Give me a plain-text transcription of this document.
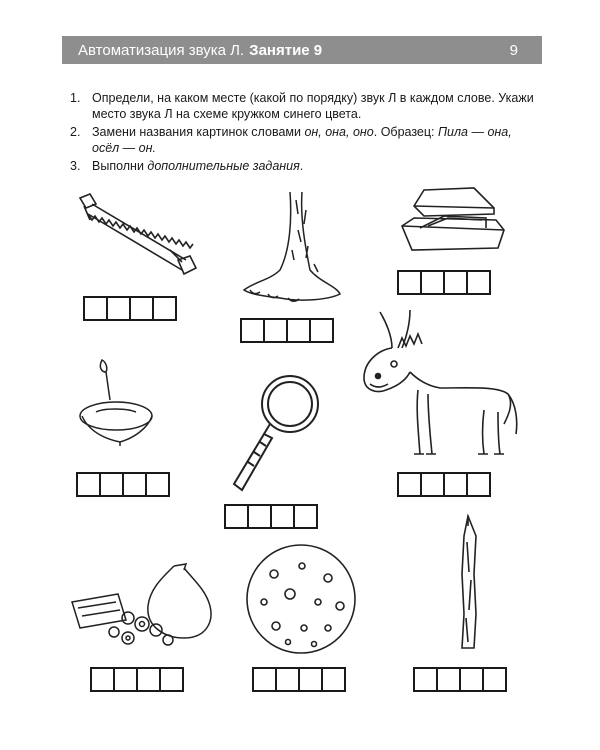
Автоматизация звука Л. Занятие 9	9
1. Определи, на каком месте (какой по порядку) звук Л в каждом слове. Укажи место звука Л на схеме кружком синего цвета.
2. Замени названия картинок словами он, она, оно. Образец: Пила — она, осёл — он.
3. Выполни дополнительные задания.
